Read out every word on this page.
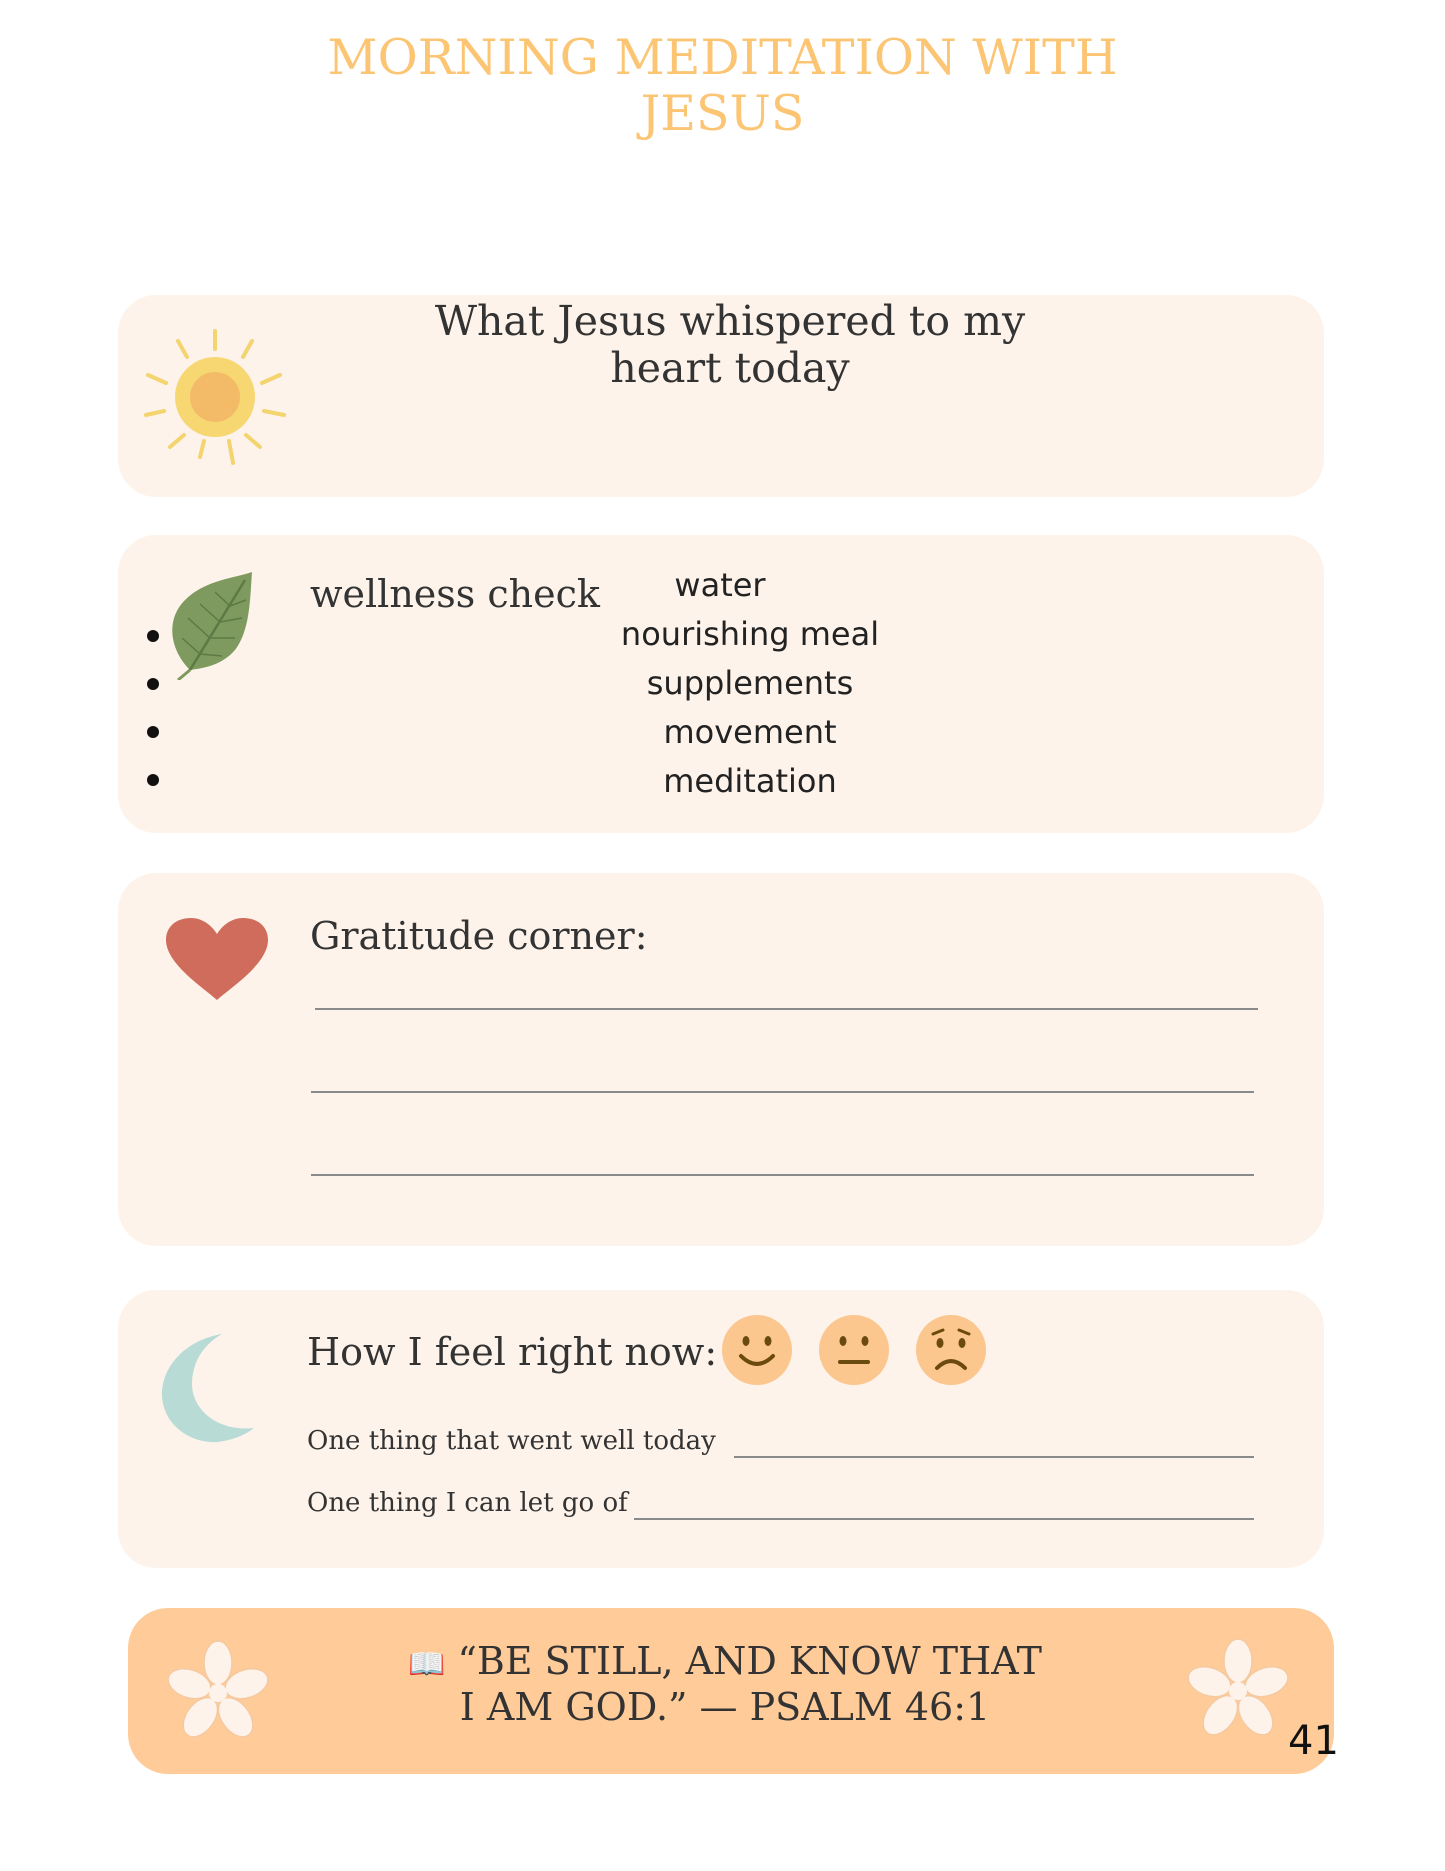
MORNING MEDITATION WITH
JESUS
What Jesus whispered to my
heart today
wellness check	water
nourishing meal
supplements
movement
meditation
Gratitude corner:
How I feel right now:
One thing that went well today
One thing I can let go of
📖 “BE STILL, AND KNOW THAT
I AM GOD.” — PSALM 46:1
41
